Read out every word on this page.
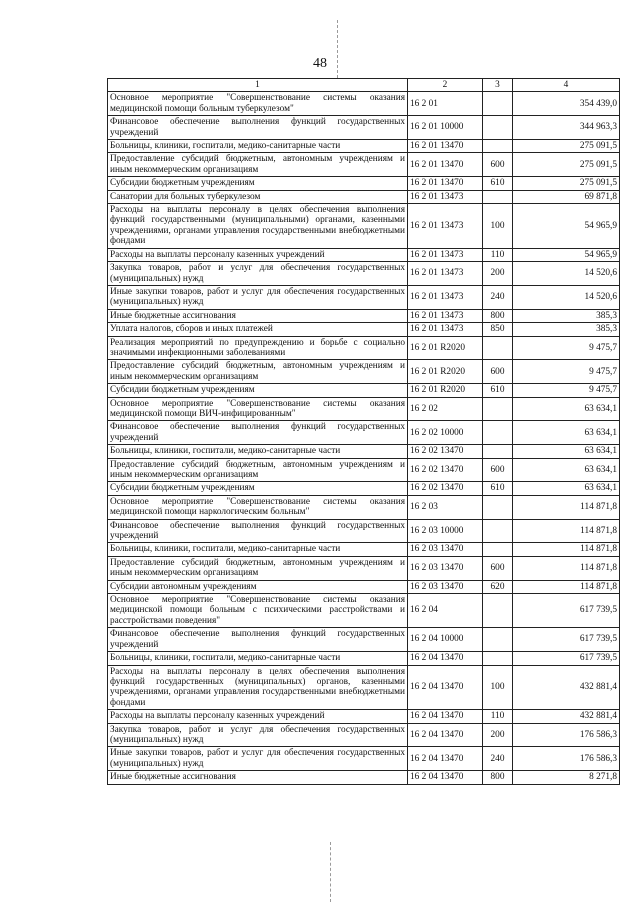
48
1	2	3	4
Основное мероприятие "Совершенствование системы оказания медицинской помощи больным туберкулезом"	16 2 01		354 439,0
Финансовое обеспечение выполнения функций государственных учреждений	16 2 01 10000		344 963,3
Больницы, клиники, госпитали, медико-санитарные части	16 2 01 13470		275 091,5
Предоставление субсидий бюджетным, автономным учреждениям и иным некоммерческим организациям	16 2 01 13470	600	275 091,5
Субсидии бюджетным учреждениям	16 2 01 13470	610	275 091,5
Санатории для больных туберкулезом	16 2 01 13473		69 871,8
Расходы на выплаты персоналу в целях обеспечения выполнения функций государственными (муниципальными) органами, казенными учреждениями, органами управления государственными внебюджетными фондами	16 2 01 13473	100	54 965,9
Расходы на выплаты персоналу казенных учреждений	16 2 01 13473	110	54 965,9
Закупка товаров, работ и услуг для обеспечения государственных (муниципальных) нужд	16 2 01 13473	200	14 520,6
Иные закупки товаров, работ и услуг для обеспечения государственных (муниципальных) нужд	16 2 01 13473	240	14 520,6
Иные бюджетные ассигнования	16 2 01 13473	800	385,3
Уплата налогов, сборов и иных платежей	16 2 01 13473	850	385,3
Реализация мероприятий по предупреждению и борьбе с социально значимыми инфекционными заболеваниями	16 2 01 R2020		9 475,7
Предоставление субсидий бюджетным, автономным учреждениям и иным некоммерческим организациям	16 2 01 R2020	600	9 475,7
Субсидии бюджетным учреждениям	16 2 01 R2020	610	9 475,7
Основное мероприятие "Совершенствование системы оказания медицинской помощи ВИЧ-инфицированным"	16 2 02		63 634,1
Финансовое обеспечение выполнения функций государственных учреждений	16 2 02 10000		63 634,1
Больницы, клиники, госпитали, медико-санитарные части	16 2 02 13470		63 634,1
Предоставление субсидий бюджетным, автономным учреждениям и иным некоммерческим организациям	16 2 02 13470	600	63 634,1
Субсидии бюджетным учреждениям	16 2 02 13470	610	63 634,1
Основное мероприятие "Совершенствование системы оказания медицинской помощи наркологическим больным"	16 2 03		114 871,8
Финансовое обеспечение выполнения функций государственных учреждений	16 2 03 10000		114 871,8
Больницы, клиники, госпитали, медико-санитарные части	16 2 03 13470		114 871,8
Предоставление субсидий бюджетным, автономным учреждениям и иным некоммерческим организациям	16 2 03 13470	600	114 871,8
Субсидии автономным учреждениям	16 2 03 13470	620	114 871,8
Основное мероприятие "Совершенствование системы оказания медицинской помощи больным с психическими расстройствами и расстройствами поведения"	16 2 04		617 739,5
Финансовое обеспечение выполнения функций государственных учреждений	16 2 04 10000		617 739,5
Больницы, клиники, госпитали, медико-санитарные части	16 2 04 13470		617 739,5
Расходы на выплаты персоналу в целях обеспечения выполнения функций государственных (муниципальных) органов, казенными учреждениями, органами управления государственными внебюджетными фондами	16 2 04 13470	100	432 881,4
Расходы на выплаты персоналу казенных учреждений	16 2 04 13470	110	432 881,4
Закупка товаров, работ и услуг для обеспечения государственных (муниципальных) нужд	16 2 04 13470	200	176 586,3
Иные закупки товаров, работ и услуг для обеспечения государственных (муниципальных) нужд	16 2 04 13470	240	176 586,3
Иные бюджетные ассигнования	16 2 04 13470	800	8 271,8
